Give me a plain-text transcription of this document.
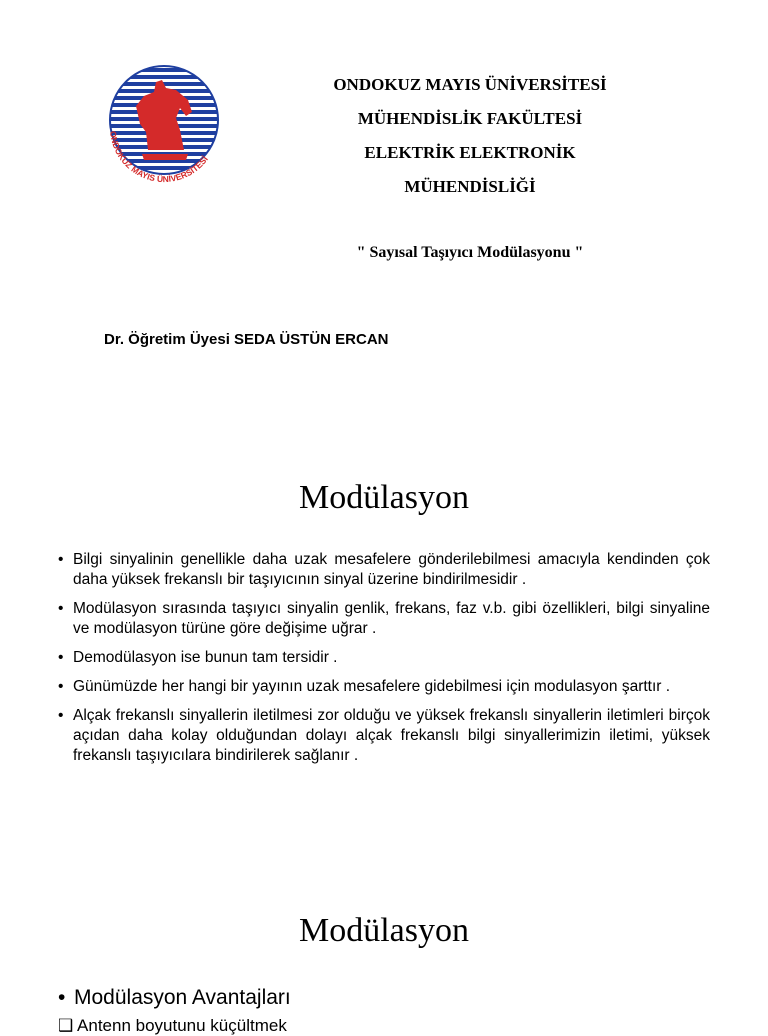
ONDOKUZ MAYIS ÜNİVERSİTESİ
ONDOKUZ MAYIS ÜNİVERSİTESİ
MÜHENDİSLİK FAKÜLTESİ
ELEKTRİK ELEKTRONİK
MÜHENDİSLİĞİ
" Sayısal Taşıyıcı Modülasyonu "
Dr. Öğretim Üyesi SEDA ÜSTÜN ERCAN
Modülasyon
• Bilgi sinyalinin genellikle daha uzak mesafelere gönderilebilmesi amacıyla kendinden çok daha yüksek frekanslı bir taşıyıcının sinyal üzerine bindirilmesidir .
• Modülasyon sırasında taşıyıcı sinyalin genlik, frekans, faz v.b. gibi özellikleri, bilgi sinyaline ve modülasyon türüne göre değişime uğrar .
• Demodülasyon ise bunun tam tersidir .
• Günümüzde her hangi bir yayının uzak mesafelere gidebilmesi için modulasyon şarttır .
• Alçak frekanslı sinyallerin iletilmesi zor olduğu ve yüksek frekanslı sinyallerin iletimleri birçok açıdan daha kolay olduğundan dolayı alçak frekanslı bilgi sinyallerimizin iletimi, yüksek frekanslı taşıyıcılara bindirilerek sağlanır .
Modülasyon
• Modülasyon Avantajları
❑ Antenn boyutunu küçültmek
